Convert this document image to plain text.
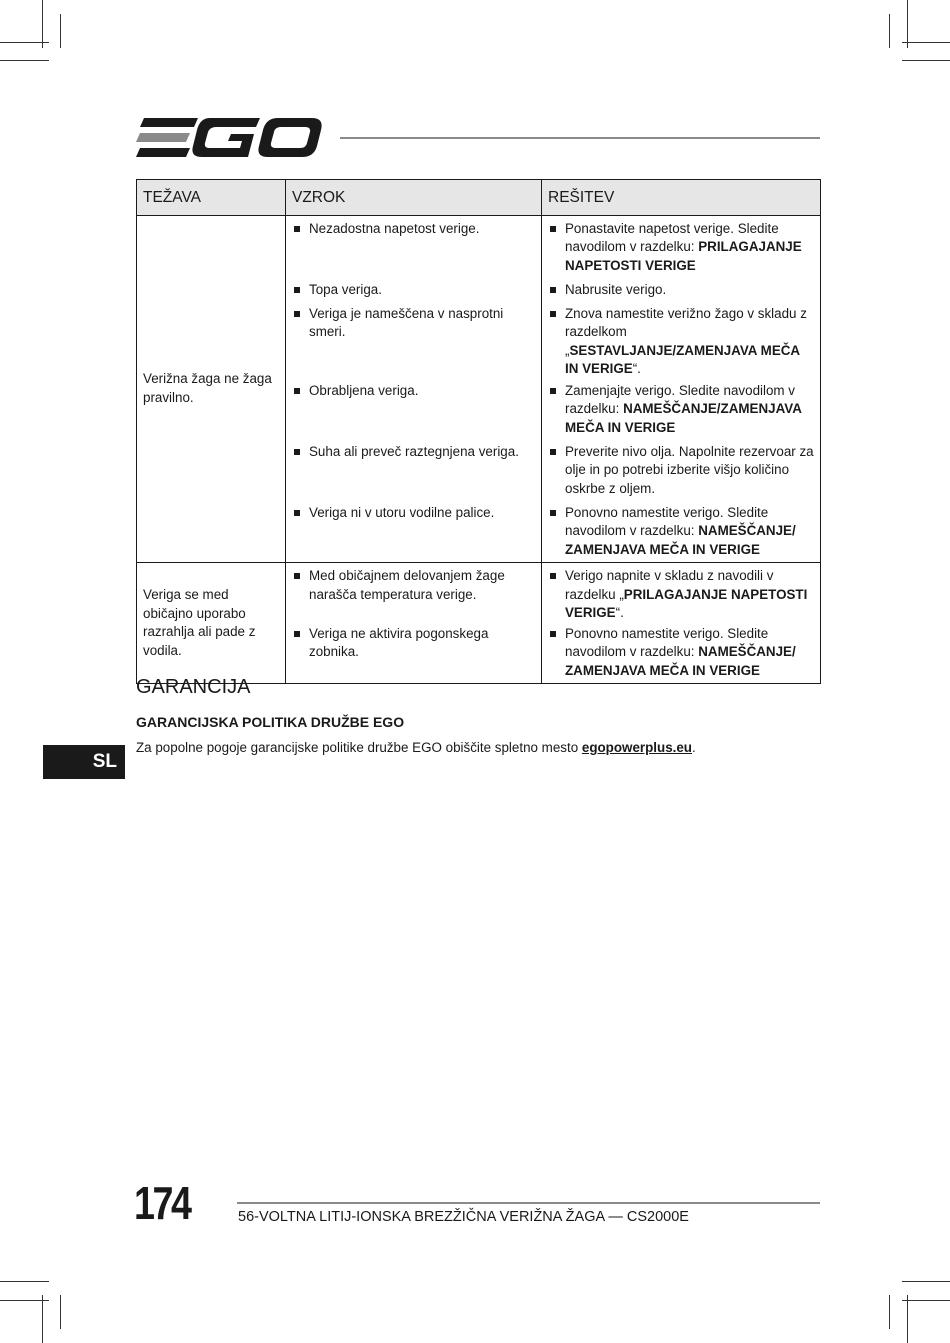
TEŽAVA	VZROK	REŠITEV
Verižna žaga ne žaga pravilno.	Nezadostna napetost verige.	Ponastavite napetost verige. Sledite navodilom v razdelku: PRILAGAJANJE NAPETOSTI VERIGE

	Topa veriga.	Nabrusite verigo.

	Veriga je nameščena v nasprotni smeri.	Znova namestite verižno žago v skladu z razdelkom „SESTAVLJANJE/ZAMENJAVA MEČA IN VERIGE“.

	Obrabljena veriga.	Zamenjajte verigo. Sledite navodilom v razdelku: NAMEŠČANJE/ZAMENJAVA MEČA IN VERIGE

	Suha ali preveč raztegnjena veriga.	Preverite nivo olja. Napolnite rezervoar za olje in po potrebi izberite višjo količino oskrbe z oljem.

	Veriga ni v utoru vodilne palice.	Ponovno namestite verigo. Sledite navodilom v razdelku: NAMEŠČANJE/ ZAMENJAVA MEČA IN VERIGE

Veriga se med običajno uporabo razrahlja ali pade z vodila.	Med običajnem delovanjem žage narašča temperatura verige.	Verigo napnite v skladu z navodili v razdelku „PRILAGAJANJE NAPETOSTI VERIGE“.

	Veriga ne aktivira pogonskega zobnika.	Ponovno namestite verigo. Sledite navodilom v razdelku: NAMEŠČANJE/ ZAMENJAVA MEČA IN VERIGE
GARANCIJA
GARANCIJSKA POLITIKA DRUŽBE EGO
Za popolne pogoje garancijske politike družbe EGO obiščite spletno mesto egopowerplus.eu.
SL
174	56-VOLTNA LITIJ-IONSKA BREZŽIČNA VERIŽNA ŽAGA — CS2000E
